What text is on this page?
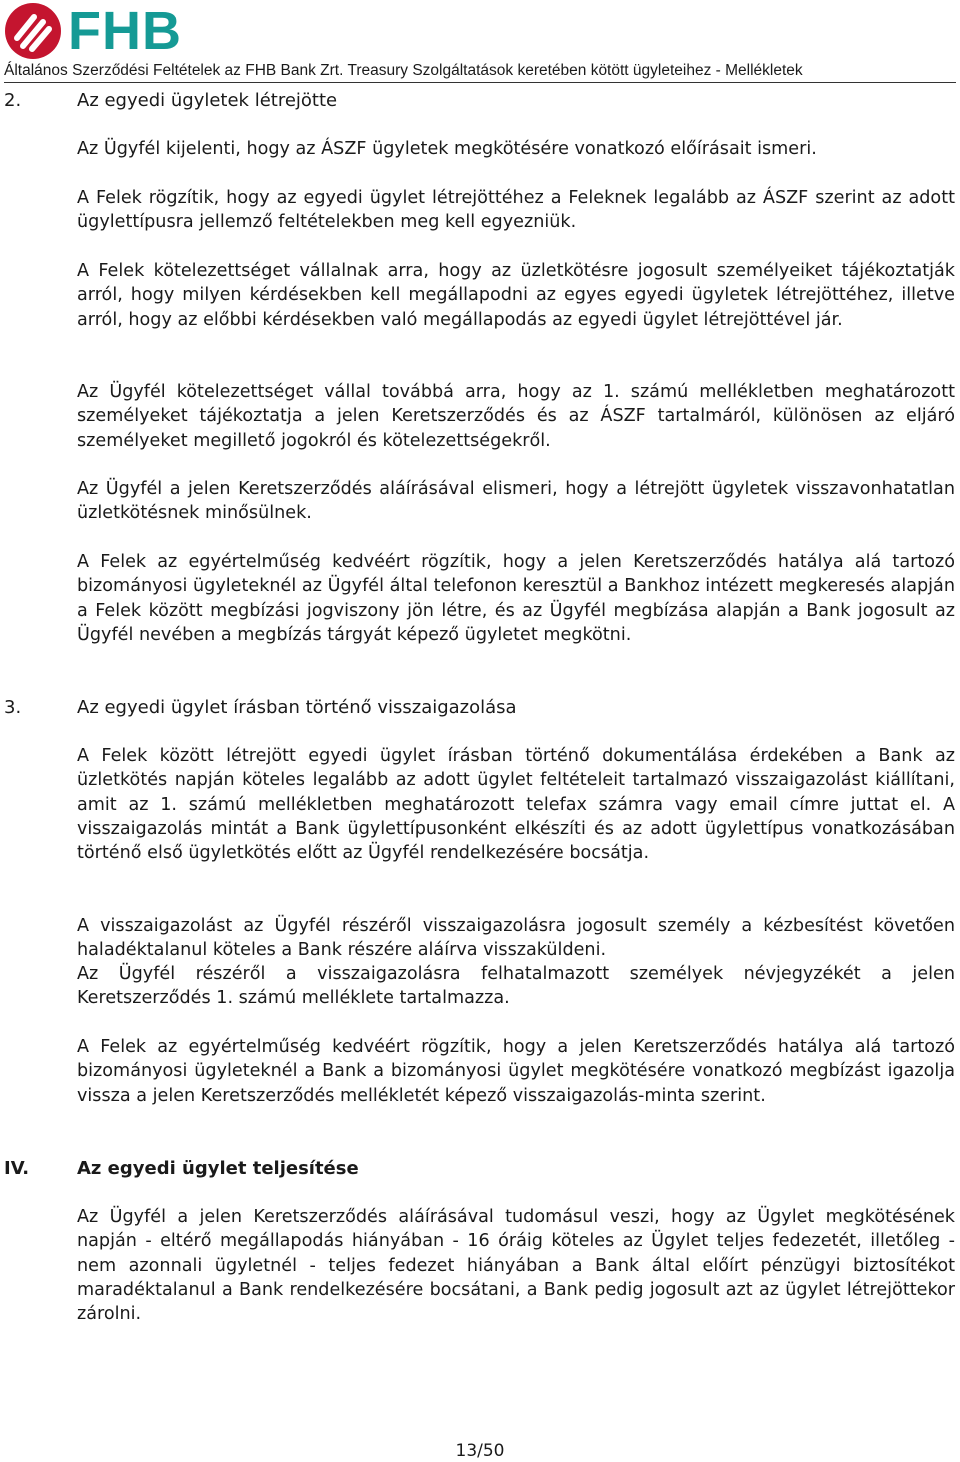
FHB
Általános Szerződési Feltételek az FHB Bank Zrt. Treasury Szolgáltatások keretében kötött ügyleteihez - Mellékletek
2.	Az egyedi ügyletek létrejötte

Az Ügyfél kijelenti, hogy az ÁSZF ügyletek megkötésére vonatkozó előírásait ismeri.

A Felek rögzítik, hogy az egyedi ügylet létrejöttéhez a Feleknek legalább az ÁSZF szerint az adott ügylettípusra jellemző feltételekben meg kell egyezniük.

A Felek kötelezettséget vállalnak arra, hogy az üzletkötésre jogosult személyeiket tájékoztatják arról, hogy milyen kérdésekben kell megállapodni az egyes egyedi ügyletek létrejöttéhez, illetve arról, hogy az előbbi kérdésekben való megállapodás az egyedi ügylet létrejöttével jár.

Az Ügyfél kötelezettséget vállal továbbá arra, hogy az 1. számú mellékletben meghatározott személyeket tájékoztatja a jelen Keretszerződés és az ÁSZF tartalmáról, különösen az eljáró személyeket megillető jogokról és kötelezettségekről.

Az Ügyfél a jelen Keretszerződés aláírásával elismeri, hogy a létrejött ügyletek visszavonhatatlan üzletkötésnek minősülnek.

A Felek az egyértelműség kedvéért rögzítik, hogy a jelen Keretszerződés hatálya alá tartozó bizományosi ügyleteknél az Ügyfél által telefonon keresztül a Bankhoz intézett megkeresés alapján a Felek között megbízási jogviszony jön létre, és az Ügyfél megbízása alapján a Bank jogosult az Ügyfél nevében a megbízás tárgyát képező ügyletet megkötni.

3.	Az egyedi ügylet írásban történő visszaigazolása

A Felek között létrejött egyedi ügylet írásban történő dokumentálása érdekében a Bank az üzletkötés napján köteles legalább az adott ügylet feltételeit tartalmazó visszaigazolást kiállítani, amit az 1. számú mellékletben meghatározott telefax számra vagy email címre juttat el. A visszaigazolás mintát a Bank ügylettípusonként elkészíti és az adott ügylettípus vonatkozásában történő első ügyletkötés előtt az Ügyfél rendelkezésére bocsátja.

A visszaigazolást az Ügyfél részéről visszaigazolásra jogosult személy a kézbesítést követően haladéktalanul köteles a Bank részére aláírva visszaküldeni.

Az Ügyfél részéről a visszaigazolásra felhatalmazott személyek névjegyzékét a jelen Keretszerződés 1. számú melléklete tartalmazza.

A Felek az egyértelműség kedvéért rögzítik, hogy a jelen Keretszerződés hatálya alá tartozó bizományosi ügyleteknél a Bank a bizományosi ügylet megkötésére vonatkozó megbízást igazolja vissza a jelen Keretszerződés mellékletét képező visszaigazolás-minta szerint.

IV.	Az egyedi ügylet teljesítése

Az Ügyfél a jelen Keretszerződés aláírásával tudomásul veszi, hogy az Ügylet megkötésének napján - eltérő megállapodás hiányában - 16 óráig köteles az Ügylet teljes fedezetét, illetőleg - nem azonnali ügyletnél - teljes fedezet hiányában a Bank által előírt pénzügyi biztosítékot maradéktalanul a Bank rendelkezésére bocsátani, a Bank pedig jogosult azt az ügylet létrejöttekor zárolni.

13/50
